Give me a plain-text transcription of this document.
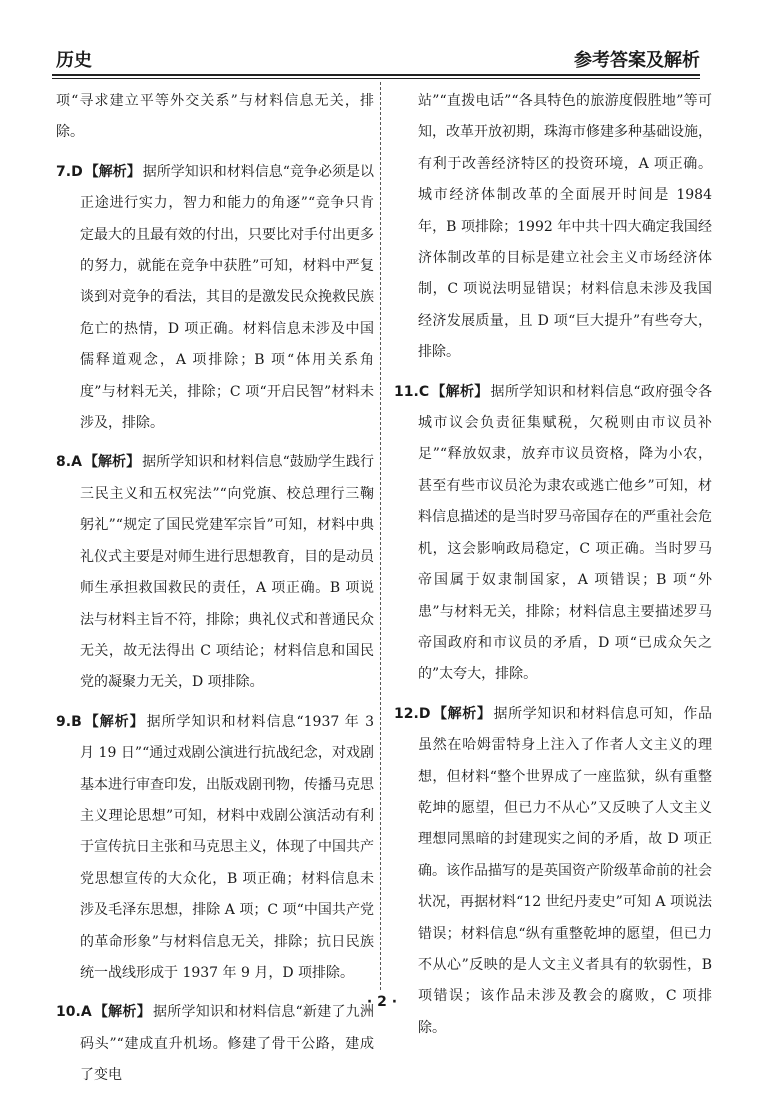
历史	参考答案及解析

项“寻求建立平等外交关系”与材料信息无关，排除。

7.D 【解析】 据所学知识和材料信息“竞争必须是以正途进行实力，智力和能力的角逐”“竞争只肯定最大的且最有效的付出，只要比对手付出更多的努力，就能在竞争中获胜”可知，材料中严复谈到对竞争的看法，其目的是激发民众挽救民族危亡的热情，D 项正确。材料信息未涉及中国儒释道观念，A 项排除；B 项“体用关系角度”与材料无关，排除；C 项“开启民智”材料未涉及，排除。

8.A 【解析】 据所学知识和材料信息“鼓励学生践行三民主义和五权宪法”“向党旗、校总理行三鞠躬礼”“规定了国民党建军宗旨”可知，材料中典礼仪式主要是对师生进行思想教育，目的是动员师生承担救国救民的责任，A 项正确。B 项说法与材料主旨不符，排除；典礼仪式和普通民众无关，故无法得出 C 项结论；材料信息和国民党的凝聚力无关，D 项排除。

9.B 【解析】 据所学知识和材料信息“1937 年 3 月 19 日”“通过戏剧公演进行抗战纪念，对戏剧基本进行审查印发，出版戏剧刊物，传播马克思主义理论思想”可知，材料中戏剧公演活动有利于宣传抗日主张和马克思主义，体现了中国共产党思想宣传的大众化，B 项正确；材料信息未涉及毛泽东思想，排除 A 项；C 项“中国共产党的革命形象”与材料信息无关，排除；抗日民族统一战线形成于 1937 年 9 月，D 项排除。

10.A 【解析】 据所学知识和材料信息“新建了九洲码头”“建成直升机场。修建了骨干公路，建成了变电

站”“直拨电话”“各具特色的旅游度假胜地”等可知，改革开放初期，珠海市修建多种基础设施，有利于改善经济特区的投资环境，A 项正确。城市经济体制改革的全面展开时间是 1984 年，B 项排除；1992 年中共十四大确定我国经济体制改革的目标是建立社会主义市场经济体制，C 项说法明显错误；材料信息未涉及我国经济发展质量，且 D 项“巨大提升”有些夸大，排除。

11.C 【解析】 据所学知识和材料信息“政府强令各城市议会负责征集赋税，欠税则由市议员补足”“释放奴隶，放弃市议员资格，降为小农，甚至有些市议员沦为隶农或逃亡他乡”可知，材料信息描述的是当时罗马帝国存在的严重社会危机，这会影响政局稳定，C 项正确。当时罗马帝国属于奴隶制国家，A 项错误；B 项“外患”与材料无关，排除；材料信息主要描述罗马帝国政府和市议员的矛盾，D 项“已成众矢之的”太夸大，排除。

12.D 【解析】 据所学知识和材料信息可知，作品虽然在哈姆雷特身上注入了作者人文主义的理想，但材料“整个世界成了一座监狱，纵有重整乾坤的愿望，但已力不从心”又反映了人文主义理想同黑暗的封建现实之间的矛盾，故 D 项正确。该作品描写的是英国资产阶级革命前的社会状况，再据材料“12 世纪丹麦史”可知 A 项说法错误；材料信息“纵有重整乾坤的愿望，但已力不从心”反映的是人文主义者具有的软弱性，B 项错误；该作品未涉及教会的腐败，C 项排除。

· 2 ·
